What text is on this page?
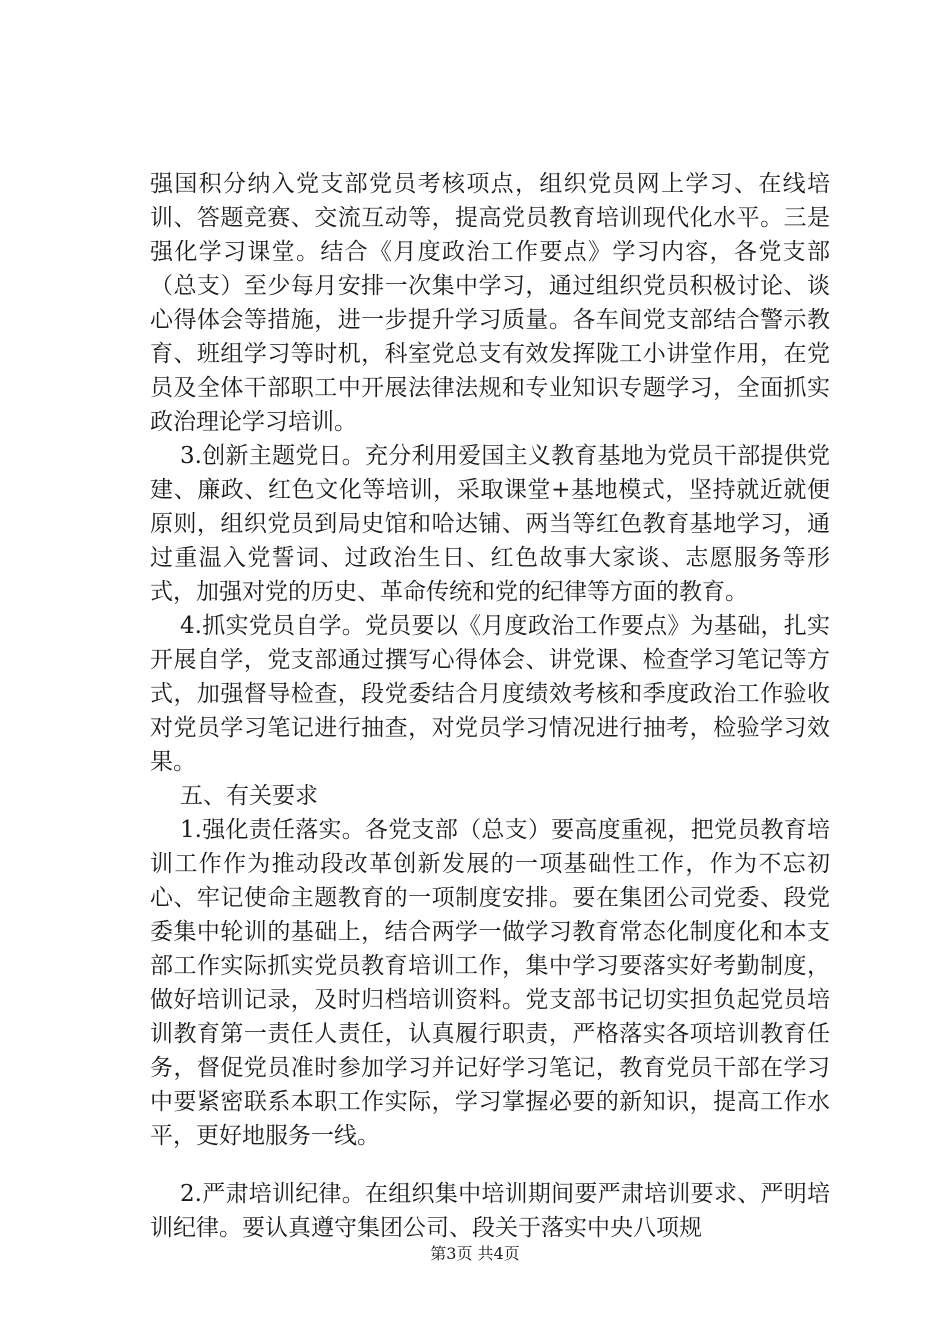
强国积分纳入党支部党员考核项点，组织党员网上学习、在线培训、答题竞赛、交流互动等，提高党员教育培训现代化水平。三是强化学习课堂。结合《月度政治工作要点》学习内容，各党支部（总支）至少每月安排一次集中学习，通过组织党员积极讨论、谈心得体会等措施，进一步提升学习质量。各车间党支部结合警示教育、班组学习等时机，科室党总支有效发挥陇工小讲堂作用，在党员及全体干部职工中开展法律法规和专业知识专题学习，全面抓实政治理论学习培训。

3.创新主题党日。充分利用爱国主义教育基地为党员干部提供党建、廉政、红色文化等培训，采取课堂+基地模式，坚持就近就便原则，组织党员到局史馆和哈达铺、两当等红色教育基地学习，通过重温入党誓词、过政治生日、红色故事大家谈、志愿服务等形式，加强对党的历史、革命传统和党的纪律等方面的教育。

4.抓实党员自学。党员要以《月度政治工作要点》为基础，扎实开展自学，党支部通过撰写心得体会、讲党课、检查学习笔记等方式，加强督导检查，段党委结合月度绩效考核和季度政治工作验收对党员学习笔记进行抽查，对党员学习情况进行抽考，检验学习效果。

五、有关要求

1.强化责任落实。各党支部（总支）要高度重视，把党员教育培训工作作为推动段改革创新发展的一项基础性工作，作为不忘初心、牢记使命主题教育的一项制度安排。要在集团公司党委、段党委集中轮训的基础上，结合两学一做学习教育常态化制度化和本支部工作实际抓实党员教育培训工作，集中学习要落实好考勤制度，做好培训记录，及时归档培训资料。党支部书记切实担负起党员培训教育第一责任人责任，认真履行职责，严格落实各项培训教育任务，督促党员准时参加学习并记好学习笔记，教育党员干部在学习中要紧密联系本职工作实际，学习掌握必要的新知识，提高工作水平，更好地服务一线。

2.严肃培训纪律。在组织集中培训期间要严肃培训要求、严明培训纪律。要认真遵守集团公司、段关于落实中央八项规

第3页 共4页
